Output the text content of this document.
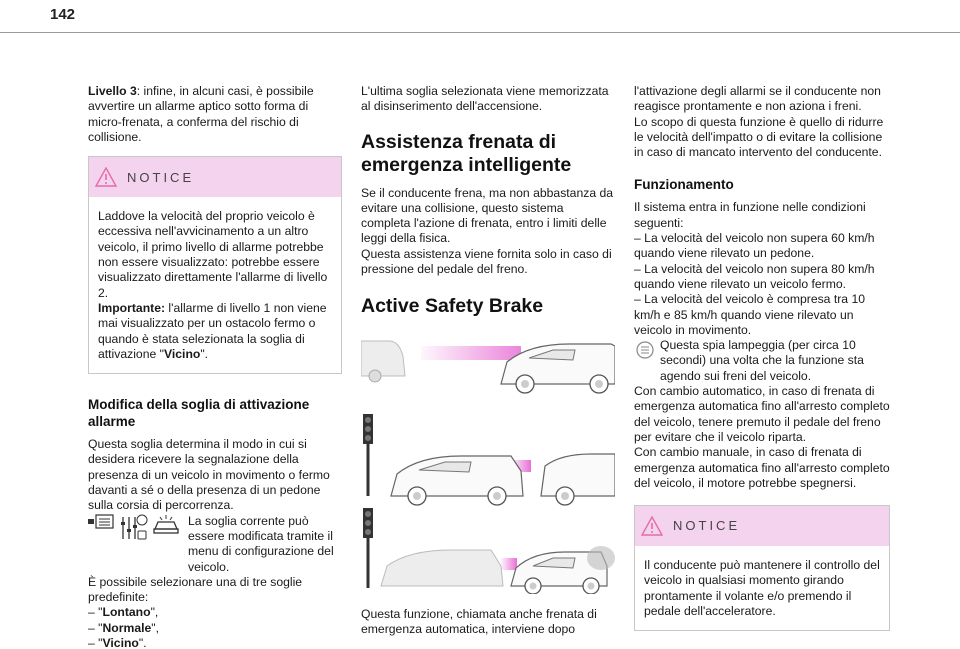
142

Livello 3: infine, in alcuni casi, è possibile avvertire un allarme aptico sotto forma di micro-frenata, a conferma del rischio di collisione.

NOTICE

Laddove la velocità del proprio veicolo è eccessiva nell'avvicinamento a un altro veicolo, il primo livello di allarme potrebbe non essere visualizzato: potrebbe essere visualizzato direttamente l'allarme di livello 2.

Importante: l'allarme di livello 1 non viene mai visualizzato per un ostacolo fermo o quando è stata selezionata la soglia di attivazione "Vicino".

Modifica della soglia di attivazione allarme

Questa soglia determina il modo in cui si desidera ricevere la segnalazione della presenza di un veicolo in movimento o fermo davanti a sé o della presenza di un pedone sulla corsia di percorrenza.

La soglia corrente può essere modificata tramite il menu di configurazione del veicolo.

È possibile selezionare una di tre soglie predefinite:

– "Lontano",

– "Normale",

– "Vicino".

L'ultima soglia selezionata viene memorizzata al disinserimento dell'accensione.

Assistenza frenata di emergenza intelligente

Se il conducente frena, ma non abbastanza da evitare una collisione, questo sistema completa l'azione di frenata, entro i limiti delle leggi della fisica.

Questa assistenza viene fornita solo in caso di pressione del pedale del freno.

Active Safety Brake

Questa funzione, chiamata anche frenata di emergenza automatica, interviene dopo

l'attivazione degli allarmi se il conducente non reagisce prontamente e non aziona i freni.

Lo scopo di questa funzione è quello di ridurre le velocità dell'impatto o di evitare la collisione in caso di mancato intervento del conducente.

Funzionamento

Il sistema entra in funzione nelle condizioni seguenti:

– La velocità del veicolo non supera 60 km/h quando viene rilevato un pedone.

– La velocità del veicolo non supera 80 km/h quando viene rilevato un veicolo fermo.

– La velocità del veicolo è compresa tra 10 km/h e 85 km/h quando viene rilevato un veicolo in movimento.

Questa spia lampeggia (per circa 10 secondi) una volta che la funzione sta agendo sui freni del veicolo.

Con cambio automatico, in caso di frenata di emergenza automatica fino all'arresto completo del veicolo, tenere premuto il pedale del freno per evitare che il veicolo riparta.

Con cambio manuale, in caso di frenata di emergenza automatica fino all'arresto completo del veicolo, il motore potrebbe spegnersi.

NOTICE

Il conducente può mantenere il controllo del veicolo in qualsiasi momento girando prontamente il volante e/o premendo il pedale dell'acceleratore.
